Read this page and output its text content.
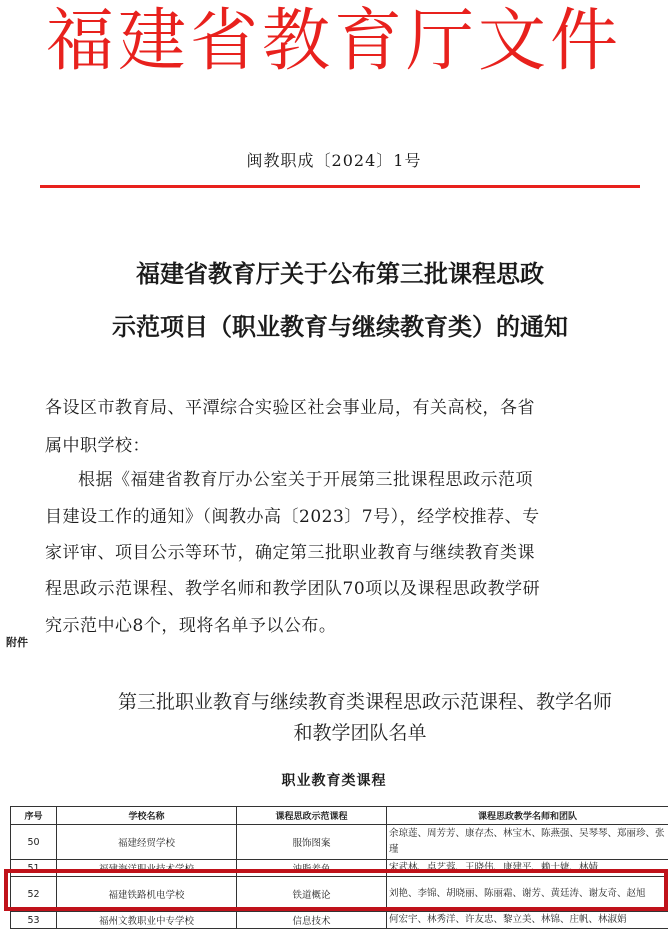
福建省教育厅文件
闽教职成〔2024〕1号
福建省教育厅关于公布第三批课程思政
示范项目（职业教育与继续教育类）的通知
各设区市教育局、平潭综合实验区社会事业局，有关高校，各省
属中职学校：
根据《福建省教育厅办公室关于开展第三批课程思政示范项
目建设工作的通知》（闽教办高〔2023〕7号），经学校推荐、专
家评审、项目公示等环节，确定第三批职业教育与继续教育类课
程思政示范课程、教学名师和教学团队70项以及课程思政教学研
究示范中心8个，现将名单予以公布。
附件
第三批职业教育与继续教育类课程思政示范课程、教学名师
和教学团队名单
职业教育类课程
序号	学校名称	课程思政示范课程	课程思政教学名师和团队
50	福建经贸学校	服饰图案	余琼莲、周芳芳、康存杰、林宝木、陈燕强、吴琴琴、郑丽珍、张瑾
51	福建海洋职业技术学校	油脂养鱼	宋武林、卓艺蓉、王晓伟、康建平、赖士婕、林婧
52	福建铁路机电学校	铁道概论	刘艳、李锦、胡晓丽、陈丽霜、谢芳、黄廷涛、谢友奇、赵旭
53	福州文教职业中专学校	信息技术	何宏宇、林秀洋、许友忠、黎立美、林锦、庄帆、林淑娟
